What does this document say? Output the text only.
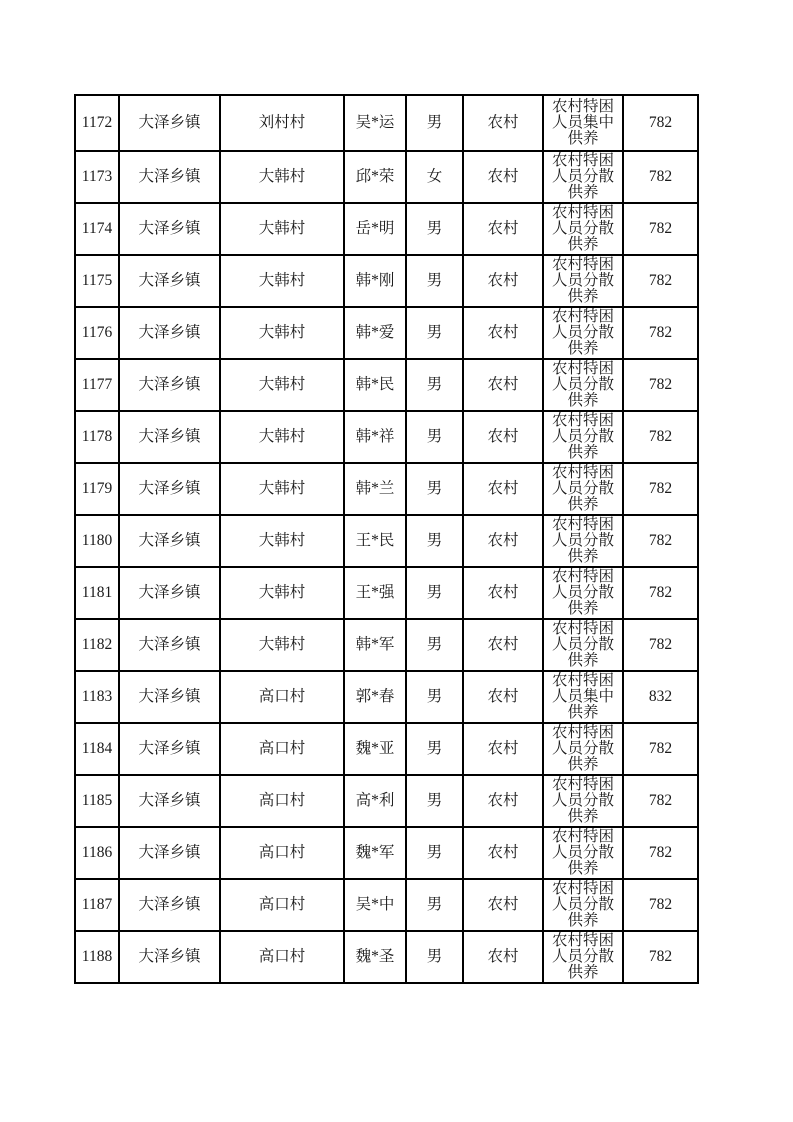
1172	大泽乡镇	刘村村	吴*运	男	农村	农村特困人员集中供养	782
1173	大泽乡镇	大韩村	邱*荣	女	农村	农村特困人员分散供养	782
1174	大泽乡镇	大韩村	岳*明	男	农村	农村特困人员分散供养	782
1175	大泽乡镇	大韩村	韩*刚	男	农村	农村特困人员分散供养	782
1176	大泽乡镇	大韩村	韩*爱	男	农村	农村特困人员分散供养	782
1177	大泽乡镇	大韩村	韩*民	男	农村	农村特困人员分散供养	782
1178	大泽乡镇	大韩村	韩*祥	男	农村	农村特困人员分散供养	782
1179	大泽乡镇	大韩村	韩*兰	男	农村	农村特困人员分散供养	782
1180	大泽乡镇	大韩村	王*民	男	农村	农村特困人员分散供养	782
1181	大泽乡镇	大韩村	王*强	男	农村	农村特困人员分散供养	782
1182	大泽乡镇	大韩村	韩*军	男	农村	农村特困人员分散供养	782
1183	大泽乡镇	高口村	郭*春	男	农村	农村特困人员集中供养	832
1184	大泽乡镇	高口村	魏*亚	男	农村	农村特困人员分散供养	782
1185	大泽乡镇	高口村	高*利	男	农村	农村特困人员分散供养	782
1186	大泽乡镇	高口村	魏*军	男	农村	农村特困人员分散供养	782
1187	大泽乡镇	高口村	吴*中	男	农村	农村特困人员分散供养	782
1188	大泽乡镇	高口村	魏*圣	男	农村	农村特困人员分散供养	782
